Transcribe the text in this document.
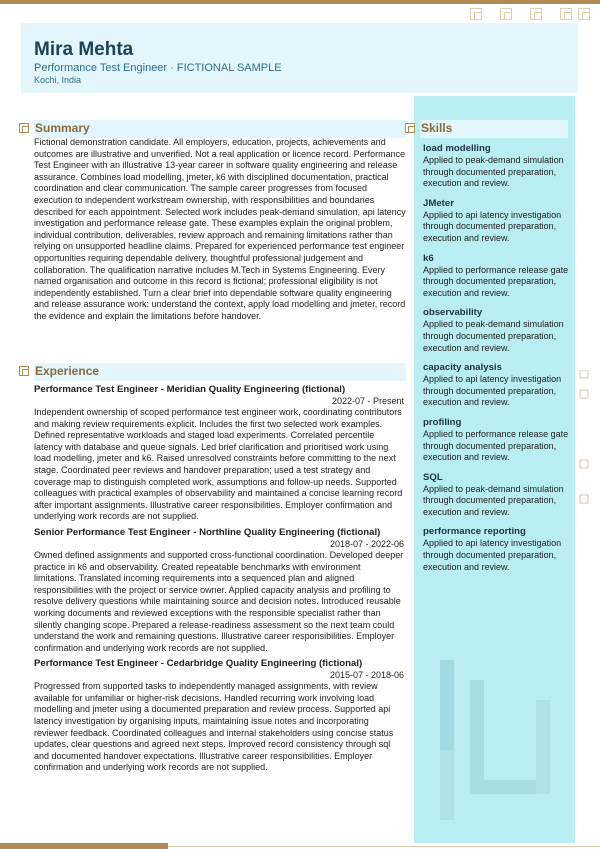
Mira Mehta
Performance Test Engineer · FICTIONAL SAMPLE
Kochi, India
Summary
Fictional demonstration candidate. All employers, education, projects, achievements and outcomes are illustrative and unverified. Not a real application or licence record. Performance Test Engineer with an illustrative 13-year career in software quality engineering and release assurance. Combines load modelling, jmeter, k6 with disciplined documentation, practical coordination and clear communication. The sample career progresses from focused execution to independent workstream ownership, with responsibilities and boundaries described for each appointment. Selected work includes peak-demand simulation, api latency investigation and performance release gate. These examples explain the original problem, individual contribution, deliverables, review approach and remaining limitations rather than relying on unsupported headline claims. Prepared for experienced performance test engineer opportunities requiring dependable delivery, thoughtful professional judgement and collaboration. The qualification narrative includes M.Tech in Systems Engineering. Every named organisation and outcome in this record is fictional; professional eligibility is not independently established. Turn a clear brief into dependable software quality engineering and release assurance work: understand the context, apply load modelling and jmeter, record the evidence and explain the limitations before handover.
Experience
Performance Test Engineer - Meridian Quality Engineering (fictional)
2022-07 - Present
Independent ownership of scoped performance test engineer work, coordinating contributors and making review requirements explicit. Includes the first two selected work examples. Defined representative workloads and staged load experiments. Correlated percentile latency with database and queue signals. Led brief clarification and prioritised work using load modelling, jmeter and k6. Raised unresolved constraints before committing to the next stage. Coordinated peer reviews and handover preparation; used a test strategy and coverage map to distinguish completed work, assumptions and follow-up needs. Supported colleagues with practical examples of observability and maintained a concise learning record after important assignments. Illustrative career responsibilities. Employer confirmation and underlying work records are not supplied.
Senior Performance Test Engineer - Northline Quality Engineering (fictional)
2018-07 - 2022-06
Owned defined assignments and supported cross-functional coordination. Developed deeper practice in k6 and observability. Created repeatable benchmarks with environment limitations. Translated incoming requirements into a sequenced plan and aligned responsibilities with the project or service owner. Applied capacity analysis and profiling to resolve delivery questions while maintaining source and decision notes. Introduced reusable working documents and reviewed exceptions with the responsible specialist rather than silently changing scope. Prepared a release-readiness assessment so the next team could understand the work and remaining questions. Illustrative career responsibilities. Employer confirmation and underlying work records are not supplied.
Performance Test Engineer - Cedarbridge Quality Engineering (fictional)
2015-07 - 2018-06
Progressed from supported tasks to independently managed assignments, with review available for unfamiliar or higher-risk decisions. Handled recurring work involving load modelling and jmeter using a documented preparation and review process. Supported api latency investigation by organising inputs, maintaining issue notes and incorporating reviewer feedback. Coordinated colleagues and internal stakeholders using concise status updates, clear questions and agreed next steps. Improved record consistency through sql and documented handover expectations. Illustrative career responsibilities. Employer confirmation and underlying work records are not supplied.
Skills
load modelling
Applied to peak-demand simulation through documented preparation, execution and review.
JMeter
Applied to api latency investigation through documented preparation, execution and review.
k6
Applied to performance release gate through documented preparation, execution and review.
observability
Applied to peak-demand simulation through documented preparation, execution and review.
capacity analysis
Applied to api latency investigation through documented preparation, execution and review.
profiling
Applied to performance release gate through documented preparation, execution and review.
SQL
Applied to peak-demand simulation through documented preparation, execution and review.
performance reporting
Applied to api latency investigation through documented preparation, execution and review.
